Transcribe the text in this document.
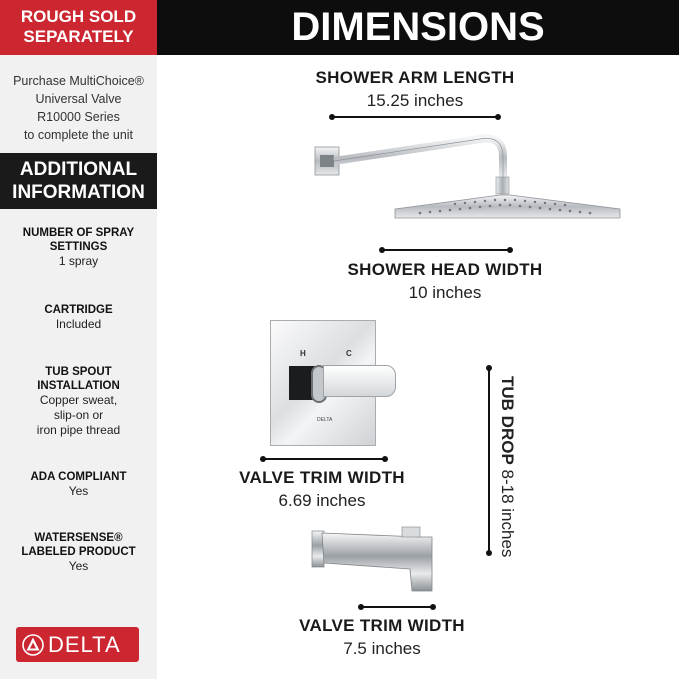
ROUGH SOLD
SEPARATELY
Purchase MultiChoice®
Universal Valve
R10000 Series
to complete the unit
ADDITIONAL
INFORMATION
NUMBER OF SPRAY
SETTINGS
1 spray
CARTRIDGE
Included
TUB SPOUT
INSTALLATION
Copper sweat,
slip-on or
iron pipe thread
ADA COMPLIANT
Yes
WATERSENSE®
LABELED PRODUCT
Yes
DELTA
DIMENSIONS
SHOWER ARM LENGTH
15.25 inches
SHOWER HEAD WIDTH
10 inches
H	C
DELTA
VALVE TRIM WIDTH
6.69 inches
TUB DROP 8-18 inches
VALVE TRIM WIDTH
7.5 inches
